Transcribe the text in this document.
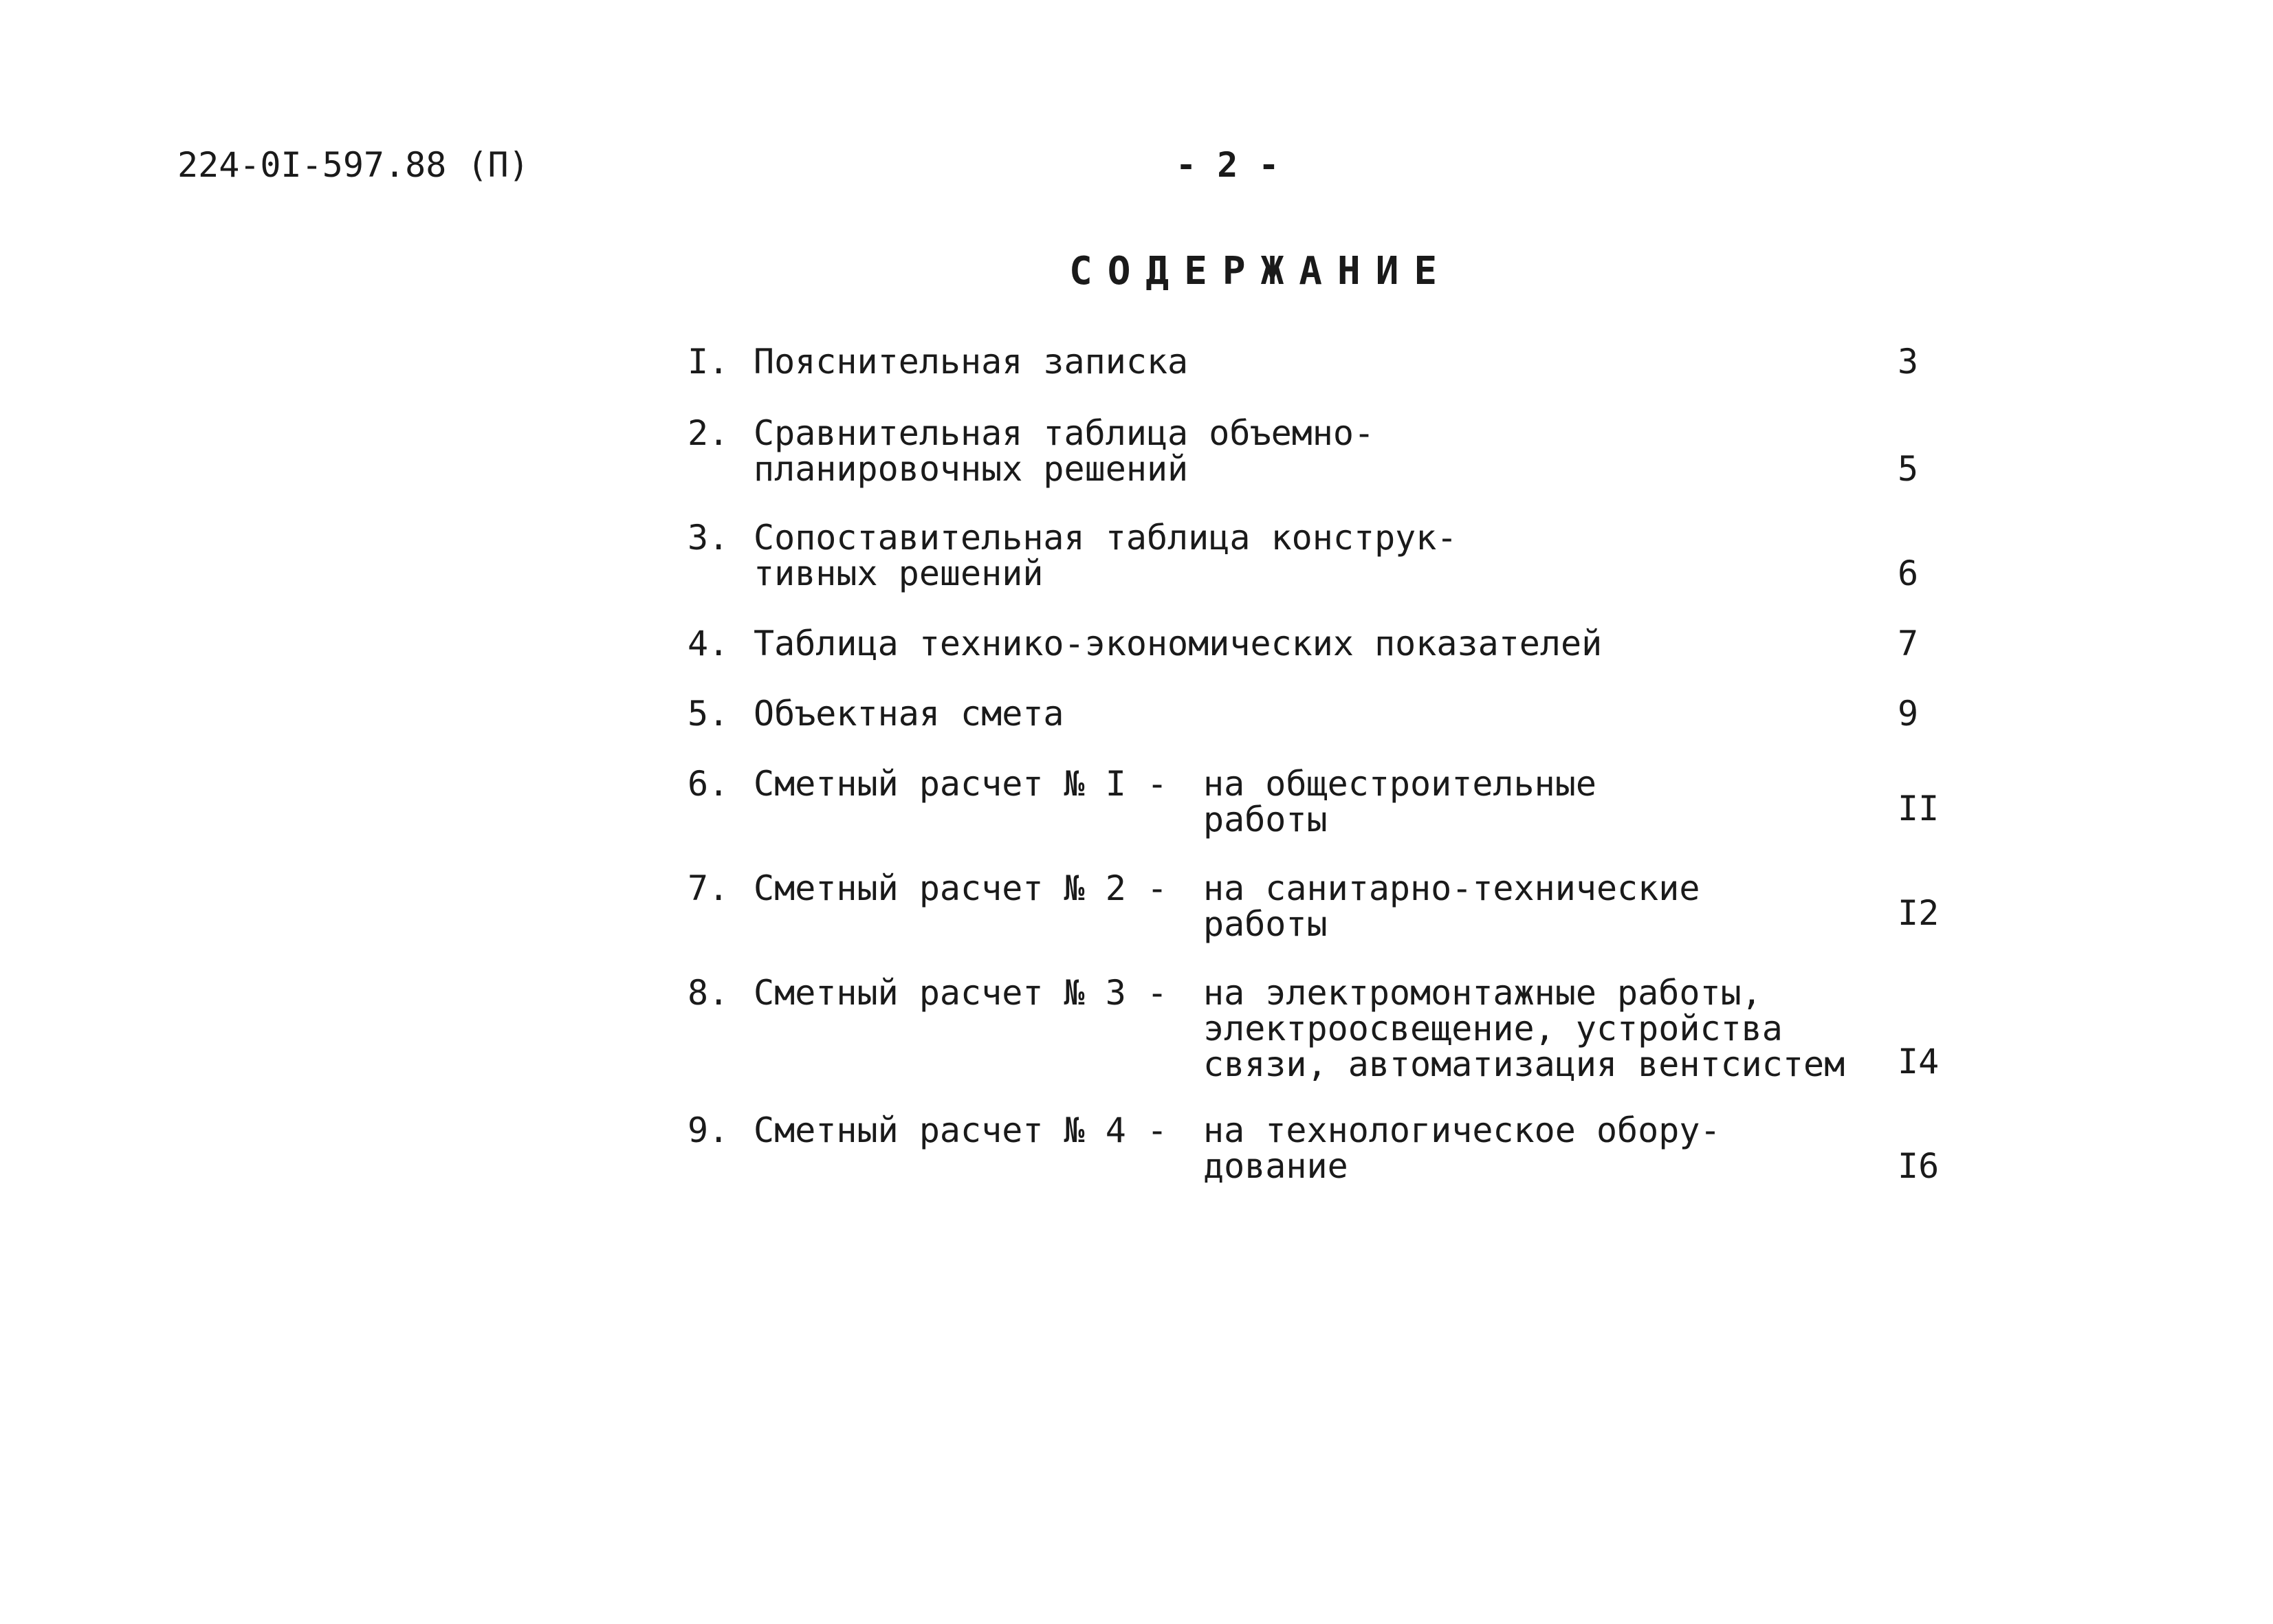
224-0I-597.88 (П)	- 2 -
СОДЕРЖАНИЕ
I. Пояснительная записка	3
2. Сравнительная таблица объемно-
планировочных решений	5
3. Сопоставительная таблица конструк-
тивных решений	6
4. Таблица технико-экономических показателей	7
5. Объектная смета	9
6. Сметный расчет № I - на общестроительные
работы	II
7. Сметный расчет № 2 - на санитарно-технические
работы	I2
8. Сметный расчет № 3 - на электромонтажные работы,
электроосвещение, устройства
связи, автоматизация вентсистем I4
9. Сметный расчет № 4 - на технологическое обору-
дование	I6
